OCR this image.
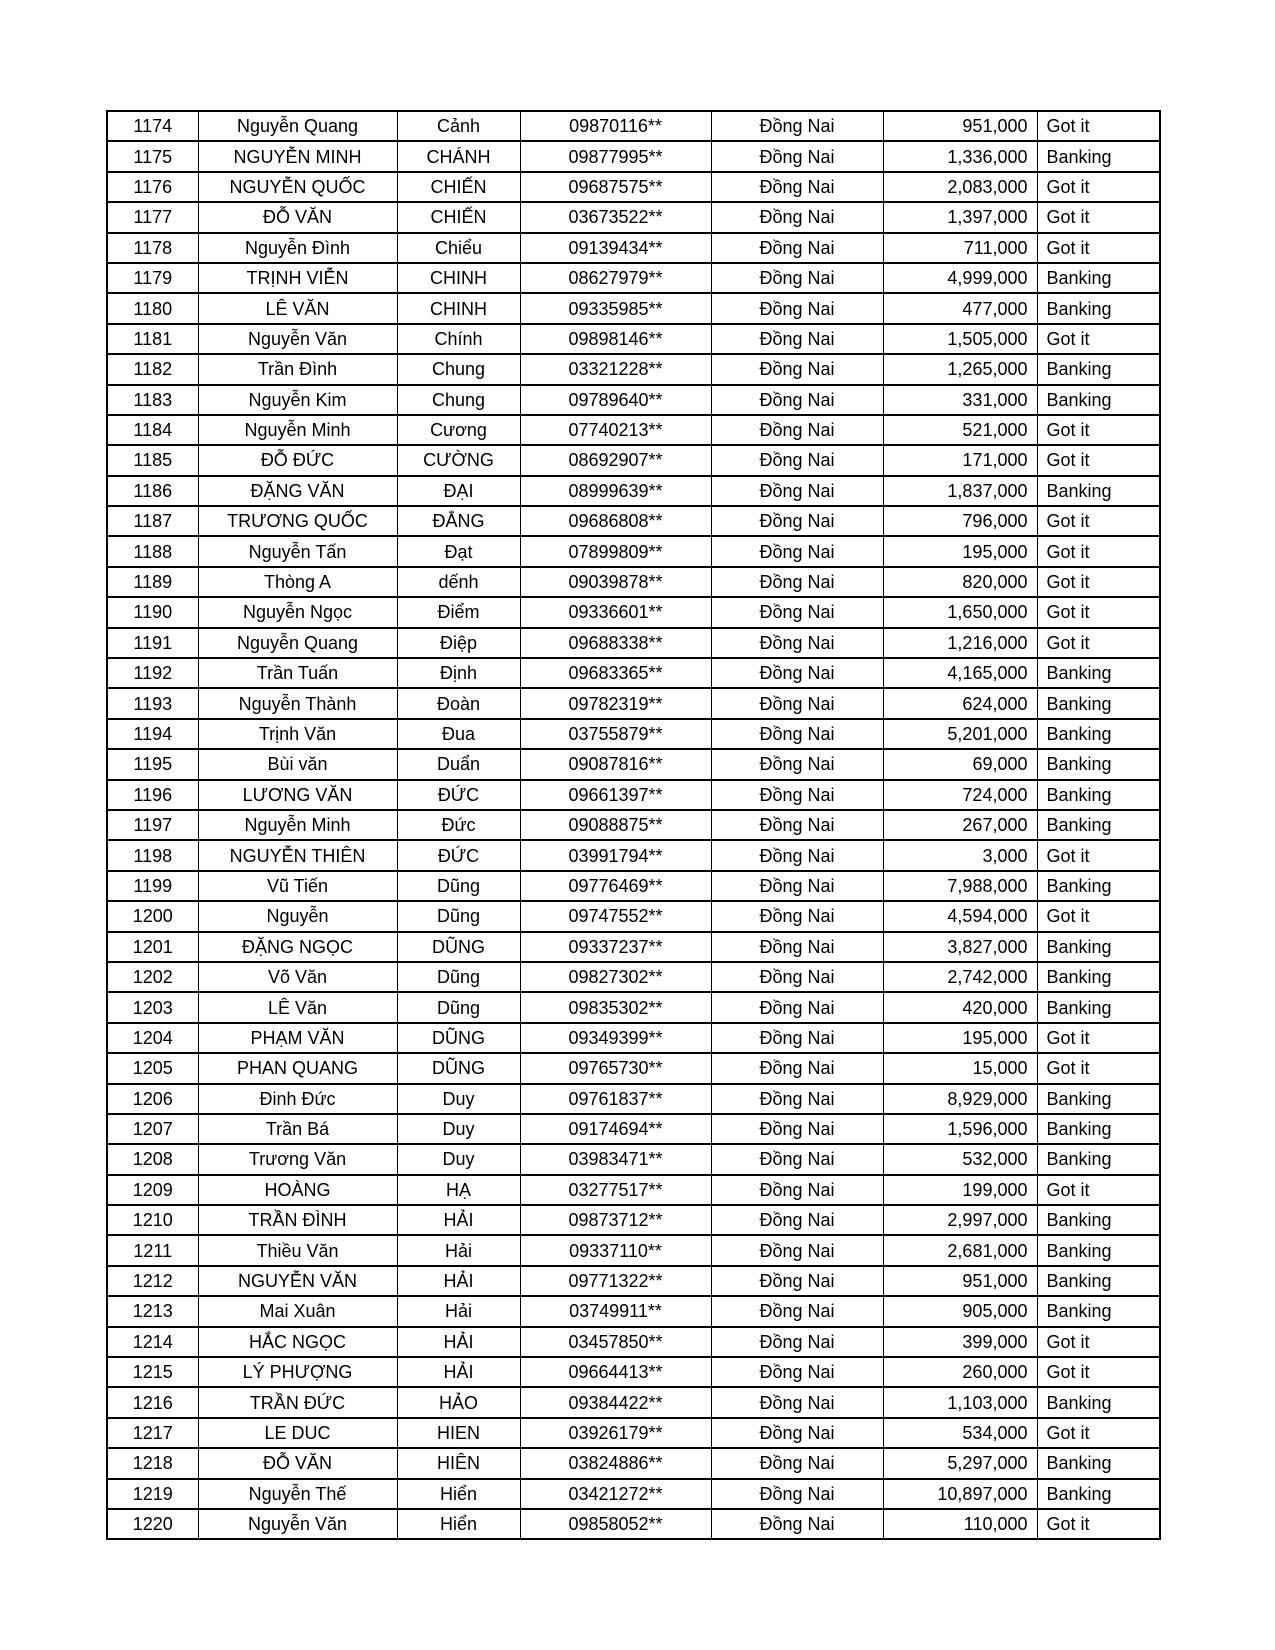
1174	Nguyễn Quang	Cảnh	09870116**	Đồng Nai	951,000	Got it
1175	NGUYỄN MINH	CHÁNH	09877995**	Đồng Nai	1,336,000	Banking
1176	NGUYỄN QUỐC	CHIẾN	09687575**	Đồng Nai	2,083,000	Got it
1177	ĐỖ VĂN	CHIẾN	03673522**	Đồng Nai	1,397,000	Got it
1178	Nguyễn Đình	Chiểu	09139434**	Đồng Nai	711,000	Got it
1179	TRỊNH VIỄN	CHINH	08627979**	Đồng Nai	4,999,000	Banking
1180	LÊ VĂN	CHINH	09335985**	Đồng Nai	477,000	Banking
1181	Nguyễn Văn	Chính	09898146**	Đồng Nai	1,505,000	Got it
1182	Trần Đình	Chung	03321228**	Đồng Nai	1,265,000	Banking
1183	Nguyễn Kim	Chung	09789640**	Đồng Nai	331,000	Banking
1184	Nguyễn Minh	Cương	07740213**	Đồng Nai	521,000	Got it
1185	ĐỖ ĐỨC	CƯỜNG	08692907**	Đồng Nai	171,000	Got it
1186	ĐẶNG VĂN	ĐẠI	08999639**	Đồng Nai	1,837,000	Banking
1187	TRƯƠNG QUỐC	ĐẲNG	09686808**	Đồng Nai	796,000	Got it
1188	Nguyễn Tấn	Đạt	07899809**	Đồng Nai	195,000	Got it
1189	Thòng A	dếnh	09039878**	Đồng Nai	820,000	Got it
1190	Nguyễn Ngọc	Điểm	09336601**	Đồng Nai	1,650,000	Got it
1191	Nguyễn Quang	Điệp	09688338**	Đồng Nai	1,216,000	Got it
1192	Trần Tuấn	Định	09683365**	Đồng Nai	4,165,000	Banking
1193	Nguyễn Thành	Đoàn	09782319**	Đồng Nai	624,000	Banking
1194	Trịnh Văn	Đua	03755879**	Đồng Nai	5,201,000	Banking
1195	Bùi văn	Duẩn	09087816**	Đồng Nai	69,000	Banking
1196	LƯƠNG VĂN	ĐỨC	09661397**	Đồng Nai	724,000	Banking
1197	Nguyễn Minh	Đức	09088875**	Đồng Nai	267,000	Banking
1198	NGUYỄN THIÊN	ĐỨC	03991794**	Đồng Nai	3,000	Got it
1199	Vũ Tiến	Dũng	09776469**	Đồng Nai	7,988,000	Banking
1200	Nguyễn	Dũng	09747552**	Đồng Nai	4,594,000	Got it
1201	ĐẶNG NGỌC	DŨNG	09337237**	Đồng Nai	3,827,000	Banking
1202	Võ Văn	Dũng	09827302**	Đồng Nai	2,742,000	Banking
1203	LÊ Văn	Dũng	09835302**	Đồng Nai	420,000	Banking
1204	PHẠM VĂN	DŨNG	09349399**	Đồng Nai	195,000	Got it
1205	PHAN QUANG	DŨNG	09765730**	Đồng Nai	15,000	Got it
1206	Đinh Đức	Duy	09761837**	Đồng Nai	8,929,000	Banking
1207	Trần Bá	Duy	09174694**	Đồng Nai	1,596,000	Banking
1208	Trương Văn	Duy	03983471**	Đồng Nai	532,000	Banking
1209	HOÀNG	HẠ	03277517**	Đồng Nai	199,000	Got it
1210	TRẦN ĐÌNH	HẢI	09873712**	Đồng Nai	2,997,000	Banking
1211	Thiều Văn	Hải	09337110**	Đồng Nai	2,681,000	Banking
1212	NGUYỄN VĂN	HẢI	09771322**	Đồng Nai	951,000	Banking
1213	Mai Xuân	Hải	03749911**	Đồng Nai	905,000	Banking
1214	HẮC NGỌC	HẢI	03457850**	Đồng Nai	399,000	Got it
1215	LÝ PHƯỢNG	HẢI	09664413**	Đồng Nai	260,000	Got it
1216	TRẦN ĐỨC	HẢO	09384422**	Đồng Nai	1,103,000	Banking
1217	LE DUC	HIEN	03926179**	Đồng Nai	534,000	Got it
1218	ĐỖ VĂN	HIÊN	03824886**	Đồng Nai	5,297,000	Banking
1219	Nguyễn Thế	Hiển	03421272**	Đồng Nai	10,897,000	Banking
1220	Nguyễn Văn	Hiển	09858052**	Đồng Nai	110,000	Got it
